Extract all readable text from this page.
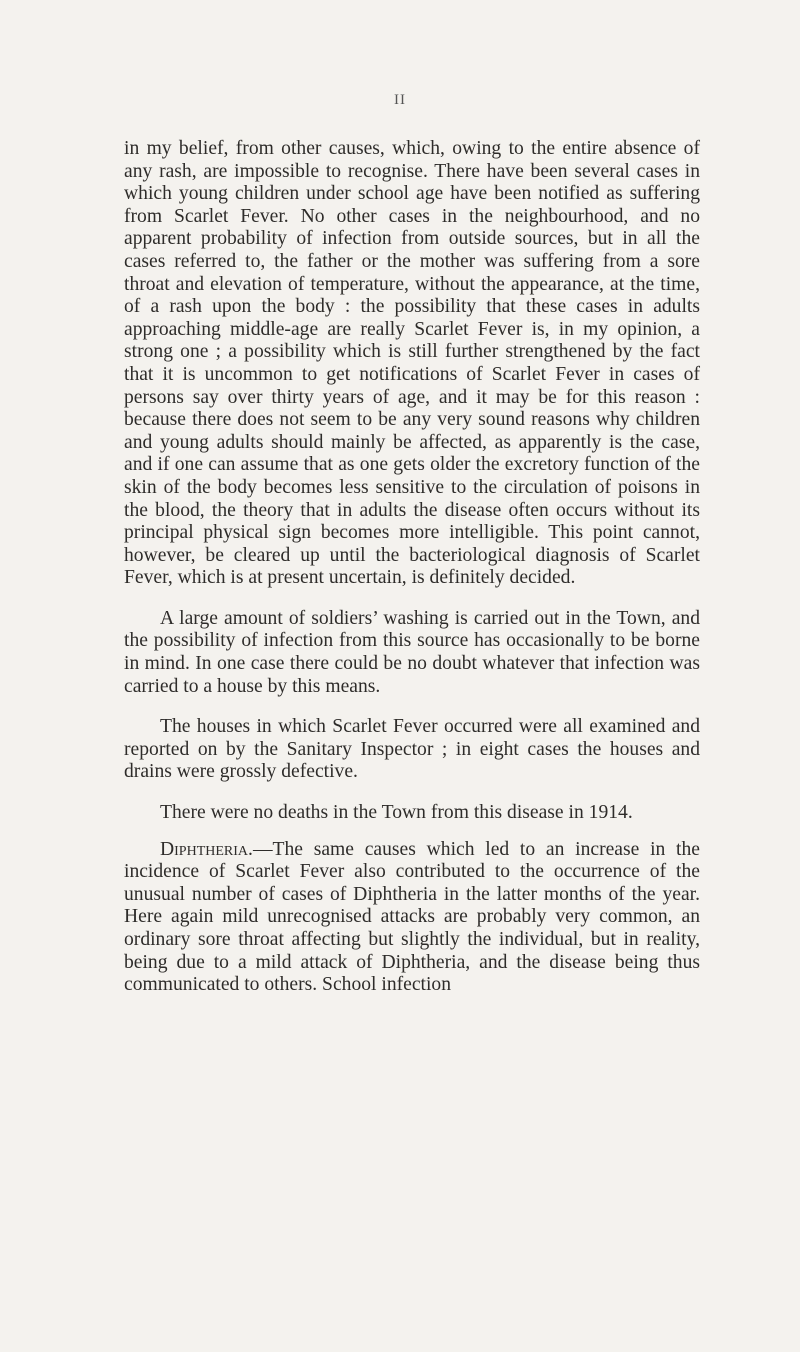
II

in my belief, from other causes, which, owing to the entire absence of any rash, are impossible to recognise. There have been several cases in which young children under school age have been notified as suffering from Scarlet Fever. No other cases in the neighbourhood, and no apparent probability of infection from outside sources, but in all the cases referred to, the father or the mother was suffering from a sore throat and elevation of temperature, without the appearance, at the time, of a rash upon the body : the possibility that these cases in adults approaching middle-age are really Scarlet Fever is, in my opinion, a strong one ; a possibility which is still further strengthened by the fact that it is uncommon to get notifications of Scarlet Fever in cases of persons say over thirty years of age, and it may be for this reason : because there does not seem to be any very sound reasons why children and young adults should mainly be affected, as apparently is the case, and if one can assume that as one gets older the excretory function of the skin of the body becomes less sensitive to the circulation of poisons in the blood, the theory that in adults the disease often occurs without its principal physical sign becomes more intelligible. This point cannot, however, be cleared up until the bacteriological diagnosis of Scarlet Fever, which is at present uncertain, is definitely decided.

A large amount of soldiers’ washing is carried out in the Town, and the possibility of infection from this source has occasionally to be borne in mind. In one case there could be no doubt whatever that infection was carried to a house by this means.

The houses in which Scarlet Fever occurred were all examined and reported on by the Sanitary Inspector ; in eight cases the houses and drains were grossly defective.

There were no deaths in the Town from this disease in 1914.

Diphtheria.—The same causes which led to an increase in the incidence of Scarlet Fever also contributed to the occurrence of the unusual number of cases of Diphtheria in the latter months of the year. Here again mild unrecognised attacks are probably very common, an ordinary sore throat affecting but slightly the individual, but in reality, being due to a mild attack of Diphtheria, and the disease being thus communicated to others. School infection
